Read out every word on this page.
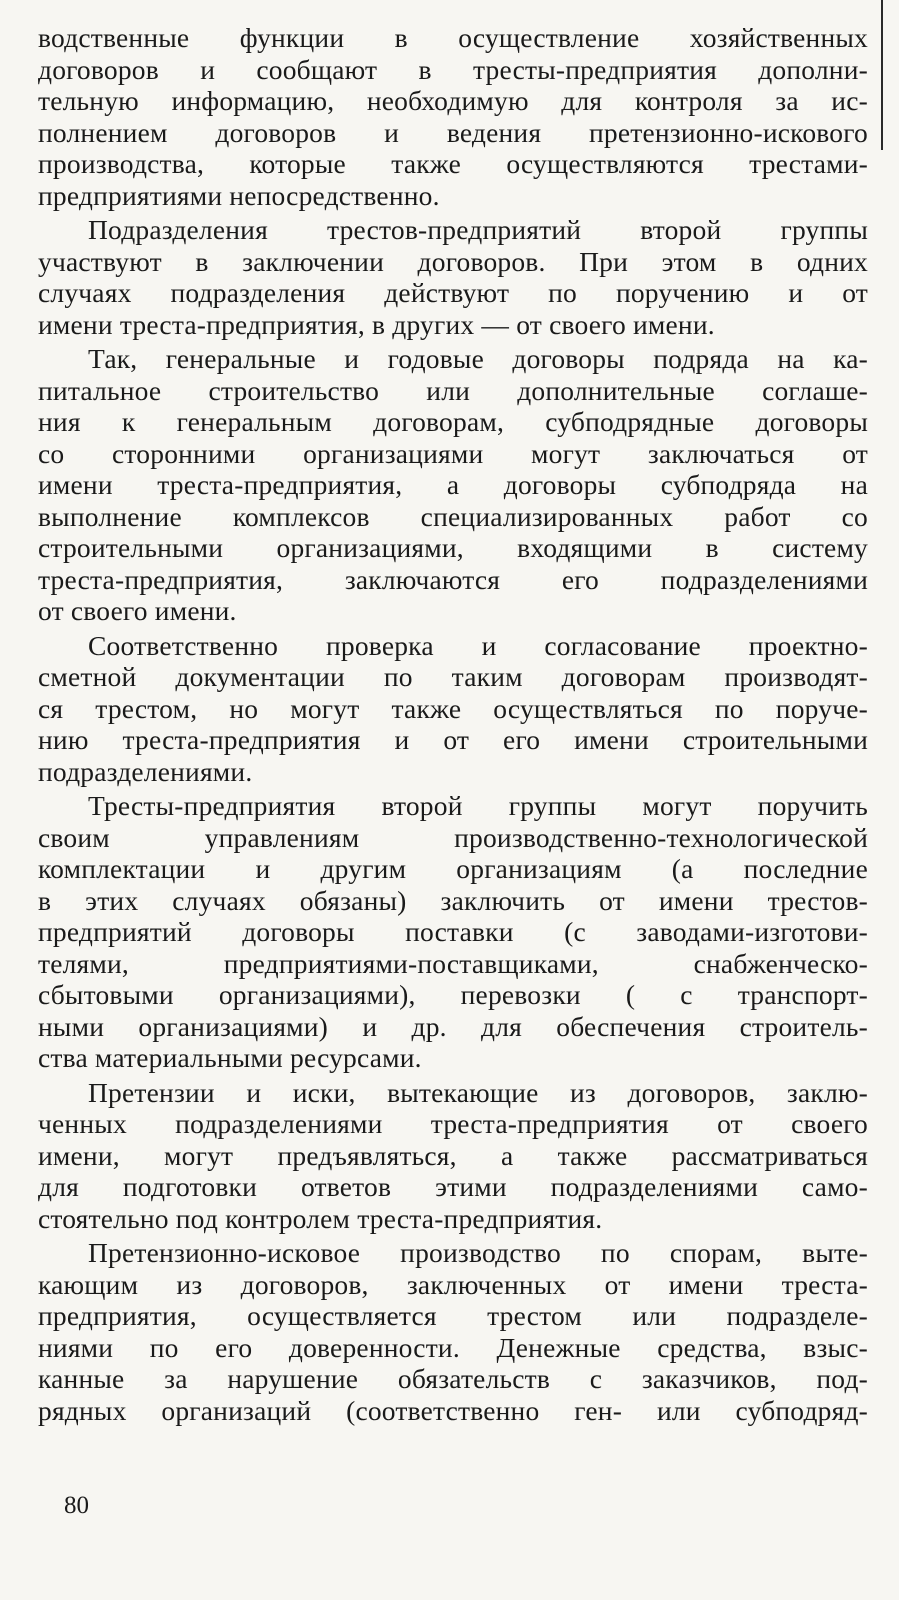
водственные функции в осуществление хозяйственных
договоров и сообщают в тресты-предприятия дополни-
тельную информацию, необходимую для контроля за ис-
полнением договоров и ведения претензионно-искового
производства, которые также осуществляются трестами-
предприятиями непосредственно.
Подразделения трестов-предприятий второй группы
участвуют в заключении договоров. При этом в одних
случаях подразделения действуют по поручению и от
имени треста-предприятия, в других — от своего имени.
Так, генеральные и годовые договоры подряда на ка-
питальное строительство или дополнительные соглаше-
ния к генеральным договорам, субподрядные договоры
со сторонними организациями могут заключаться от
имени треста-предприятия, а договоры субподряда на
выполнение комплексов специализированных работ со
строительными организациями, входящими в систему
треста-предприятия, заключаются его подразделениями
от своего имени.
Соответственно проверка и согласование проектно-
сметной документации по таким договорам производят-
ся трестом, но могут также осуществляться по поруче-
нию треста-предприятия и от его имени строительными
подразделениями.
Тресты-предприятия второй группы могут поручить
своим управлениям производственно-технологической
комплектации и другим организациям (а последние
в этих случаях обязаны) заключить от имени трестов-
предприятий договоры поставки (с заводами-изготови-
телями, предприятиями-поставщиками, снабженческо-
сбытовыми организациями), перевозки ( с транспорт-
ными организациями) и др. для обеспечения строитель-
ства материальными ресурсами.
Претензии и иски, вытекающие из договоров, заклю-
ченных подразделениями треста-предприятия от своего
имени, могут предъявляться, а также рассматриваться
для подготовки ответов этими подразделениями само-
стоятельно под контролем треста-предприятия.
Претензионно-исковое производство по спорам, выте-
кающим из договоров, заключенных от имени треста-
предприятия, осуществляется трестом или подразделе-
ниями по его доверенности. Денежные средства, взыс-
канные за нарушение обязательств с заказчиков, под-
рядных организаций (соответственно ген- или субподряд-
80
